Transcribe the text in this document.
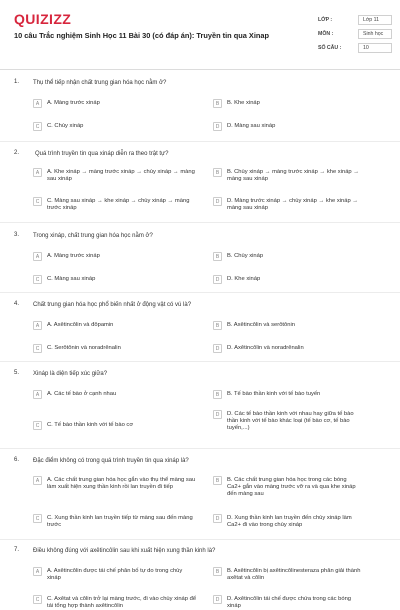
QUIZIZZ
10 câu Trắc nghiệm Sinh Học 11 Bài 30 (có đáp án): Truyền tin qua Xinap
LỚP :	Lớp 11
MÔN :	Sinh học
SỐ CÂU :	10
1. Thụ thể tiếp nhận chất trung gian hóa học nằm ở?
A	A. Màng trước xináp	B	B. Khe xináp
C	C. Chùy xináp	D	D. Màng sau xináp
2.	Quá trình truyền tin qua xináp diễn ra theo trật tự?
A	A. Khe xináp → màng trước xináp → chùy xináp → màng sau xináp
B	B. Chùy xináp → màng trước xináp → khe xináp → màng sau xináp
C	C. Màng sau xináp → khe xináp → chùy xináp → màng trước xináp
D	D. Màng trước xináp → chùy xináp → khe xináp → màng sau xináp
3. Trong xináp, chất trung gian hóa học nằm ở?
A	A. Màng trước xináp	B	B. Chùy xináp
C	C. Màng sau xináp	D	D. Khe xináp
4. Chất trung gian hóa học phổ biến nhất ở động vật có vú là?
A	A. Axêtincôlin và đôpamin	B	B. Axêtincôlin và serôtônin
C	C. Serôtônin và noradrênalin	D	D. Axêtincôlin và noradrênalin
5. Xináp là diện tiếp xúc giữa?
A	A. Các tế bào ở cạnh nhau	B	B. Tế bào thần kinh với tế bào tuyến
C	C. Tế bào thần kinh với tế bào cơ
D	D. Các tế bào thần kinh với nhau hay giữa tế bào thần kinh với tế bào khác loại (tế bào cơ, tế bào tuyến,...)
6. Đặc điểm không có trong quá trình truyền tin qua xináp là?
A	A. Các chất trung gian hóa học gắn vào thụ thể màng sau làm xuất hiện xung thần kinh rồi lan truyền đi tiếp
B	B. Các chất trung gian hóa học trong các bóng Ca2+ gắn vào màng trước vỡ ra và qua khe xináp đến màng sau
C	C. Xung thần kinh lan truyền tiếp từ màng sau đến màng trước
D	D. Xung thần kinh lan truyền đến chùy xináp làm Ca2+ đi vào trong chùy xináp
7. Điều không đúng với axêtincôlin sau khi xuất hiện xung thần kinh là?
A	A. Axêtincôlin được tái chế phân bố tự do trong chùy xináp
B	B. Axêtincôlin bị axêtincôlinesteraza phân giải thành axêtat và côlin
C	C. Axêtat và côlin trở lại màng trước, đi vào chùy xináp để tái tổng hợp thành axêtincôlin
D	D. Axêtincôlin tái chế được chứa trong các bóng xináp
